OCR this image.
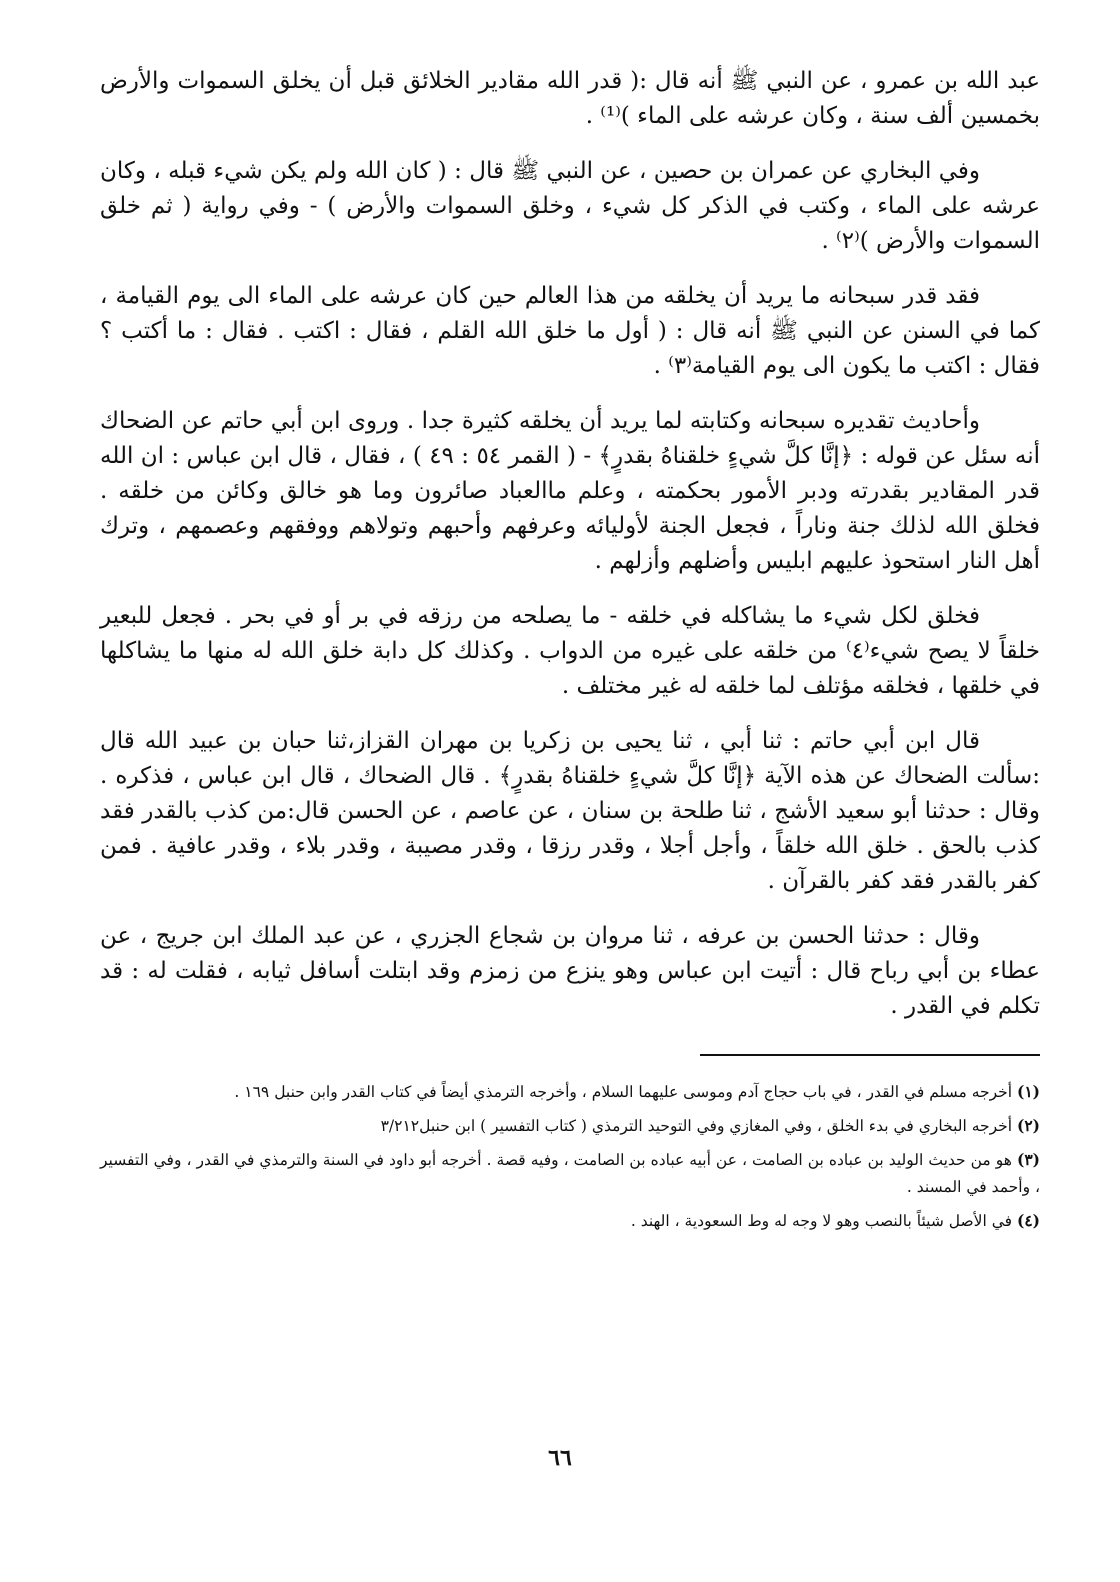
عبد الله بن عمرو ، عن النبي ﷺ أنه قال :( قدر الله مقادير الخلائق قبل أن يخلق السموات والأرض بخمسين ألف سنة ، وكان عرشه على الماء )⁽¹⁾ .

وفي البخاري عن عمران بن حصين ، عن النبي ﷺ قال : ( كان الله ولم يكن شيء قبله ، وكان عرشه على الماء ، وكتب في الذكر كل شيء ، وخلق السموات والأرض ) - وفي رواية ( ثم خلق السموات والأرض )⁽٢⁾ .

فقد قدر سبحانه ما يريد أن يخلقه من هذا العالم حين كان عرشه على الماء الى يوم القيامة ، كما في السنن عن النبي ﷺ أنه قال : ( أول ما خلق الله القلم ، فقال : اكتب . فقال : ما أكتب ؟ فقال : اكتب ما يكون الى يوم القيامة⁽٣⁾ .

وأحاديث تقديره سبحانه وكتابته لما يريد أن يخلقه كثيرة جدا . وروى ابن أبي حاتم عن الضحاك أنه سئل عن قوله : ﴿إنَّا كلَّ شيءٍ خلقناهُ بقدرٍ﴾ - ( القمر ٥٤ : ٤٩ ) ، فقال ، قال ابن عباس : ان الله قدر المقادير بقدرته ودبر الأمور بحكمته ، وعلم ماالعباد صائرون وما هو خالق وكائن من خلقه . فخلق الله لذلك جنة وناراً ، فجعل الجنة لأوليائه وعرفهم وأحبهم وتولاهم ووفقهم وعصمهم ، وترك أهل النار استحوذ عليهم ابليس وأضلهم وأزلهم .

فخلق لكل شيء ما يشاكله في خلقه - ما يصلحه من رزقه في بر أو في بحر . فجعل للبعير خلقاً لا يصح شيء⁽٤⁾ من خلقه على غيره من الدواب . وكذلك كل دابة خلق الله له منها ما يشاكلها في خلقها ، فخلقه مؤتلف لما خلقه له غير مختلف .

قال ابن أبي حاتم : ثنا أبي ، ثنا يحيى بن زكريا بن مهران القزاز،ثنا حبان بن عبيد الله قال :سألت الضحاك عن هذه الآية ﴿إنَّا كلَّ شيءٍ خلقناهُ بقدرٍ﴾ . قال الضحاك ، قال ابن عباس ، فذكره . وقال : حدثنا أبو سعيد الأشج ، ثنا طلحة بن سنان ، عن عاصم ، عن الحسن قال:من كذب بالقدر فقد كذب بالحق . خلق الله خلقاً ، وأجل أجلا ، وقدر رزقا ، وقدر مصيبة ، وقدر بلاء ، وقدر عافية . فمن كفر بالقدر فقد كفر بالقرآن .

وقال : حدثنا الحسن بن عرفه ، ثنا مروان بن شجاع الجزري ، عن عبد الملك ابن جريج ، عن عطاء بن أبي رباح قال : أتيت ابن عباس وهو ينزع من زمزم وقد ابتلت أسافل ثيابه ، فقلت له : قد تكلم في القدر .

(١) أخرجه مسلم في القدر ، في باب حجاج آدم وموسى عليهما السلام ، وأخرجه الترمذي أيضاً في كتاب القدر وابن حنبل ١٦٩ .

(٢) أخرجه البخاري في بدء الخلق ، وفي المغازي وفي التوحيد الترمذي ( كتاب التفسير ) ابن حنبل٣/٢١٢

(٣) هو من حديث الوليد بن عباده بن الصامت ، عن أبيه عباده بن الصامت ، وفيه قصة . أخرجه أبو داود في السنة والترمذي في القدر ، وفي التفسير ، وأحمد في المسند .

(٤) في الأصل شيئاً بالنصب وهو لا وجه له وط السعودية ، الهند .

٦٦
